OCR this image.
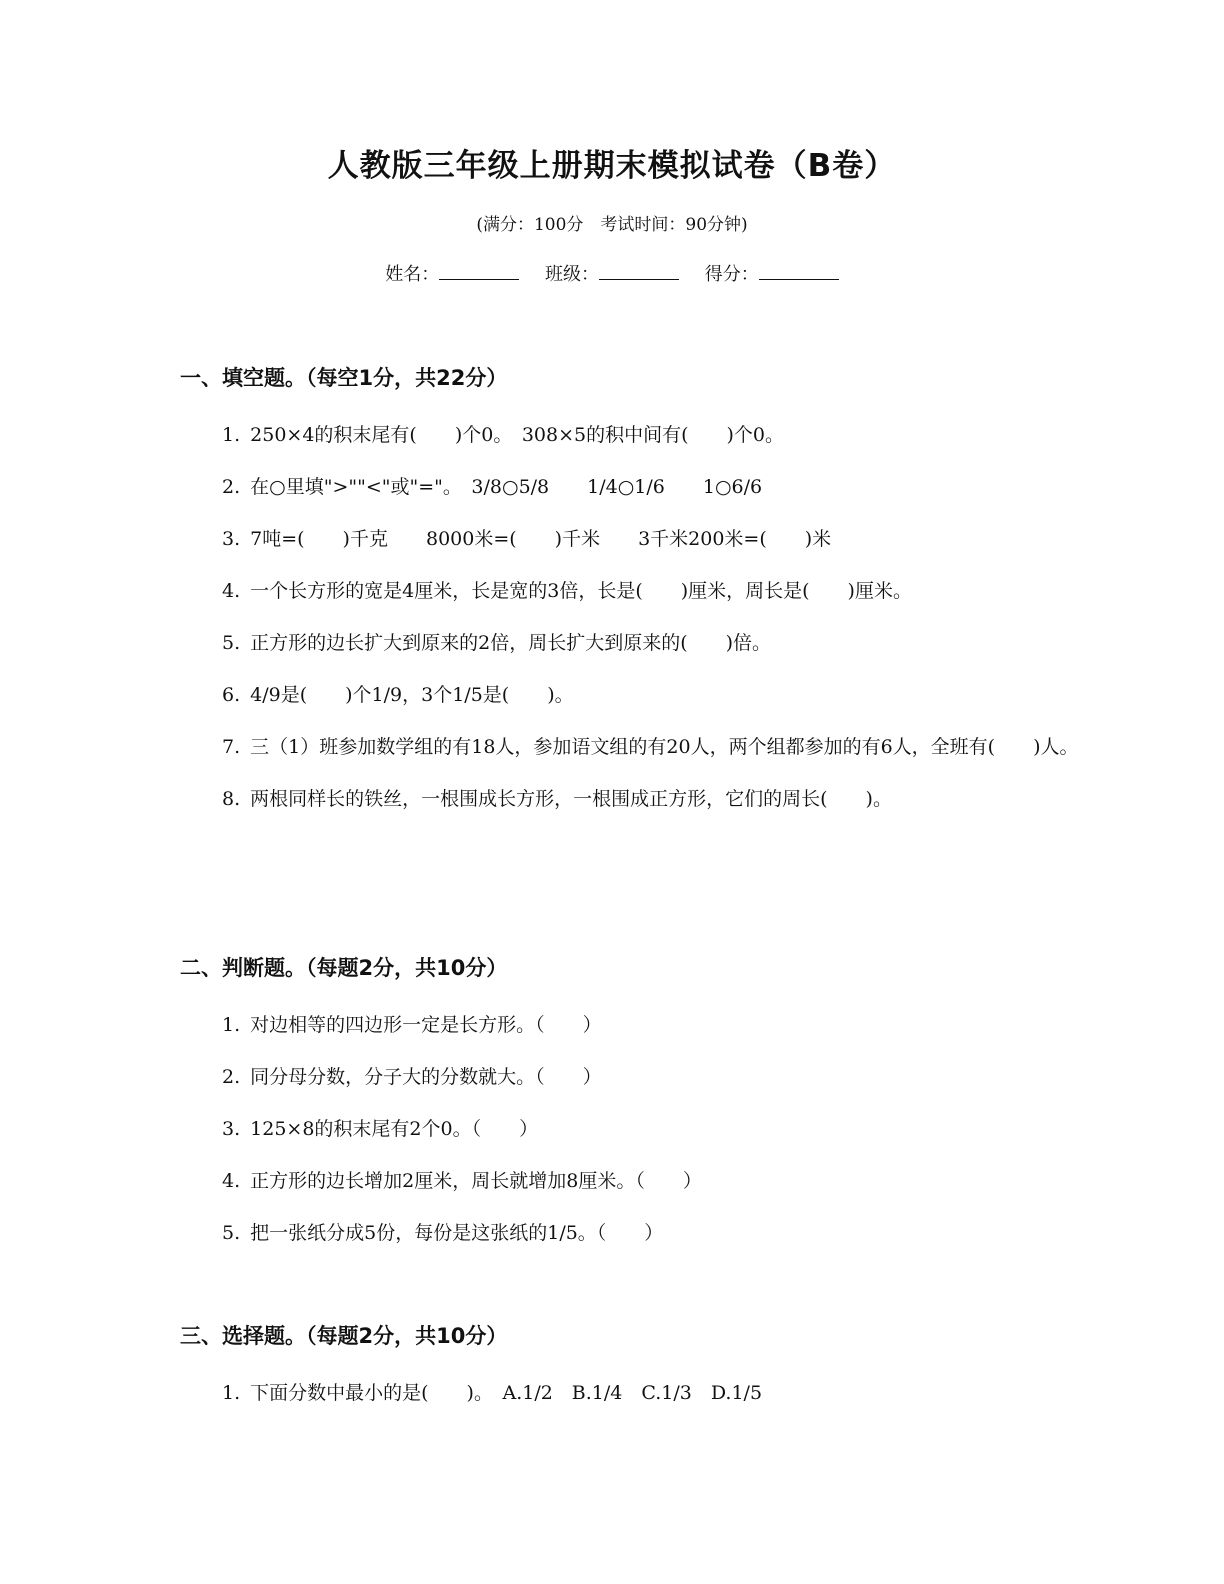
人教版三年级上册期末模拟试卷（B卷）
(满分：100分　考试时间：90分钟)
姓名：	班级：	得分：
一、填空题。（每空1分，共22分）
1. 250×4的积末尾有(　　)个0。　308×5的积中间有(　　)个0。
2. 在○里填">""<"或"="。　3/8○5/8　　1/4○1/6　　1○6/6
3. 7吨=(　　)千克　　8000米=(　　)千米　　3千米200米=(　　)米
4. 一个长方形的宽是4厘米，长是宽的3倍，长是(　　)厘米，周长是(　　)厘米。
5. 正方形的边长扩大到原来的2倍，周长扩大到原来的(　　)倍。
6. 4/9是(　　)个1/9，3个1/5是(　　)。
7. 三（1）班参加数学组的有18人，参加语文组的有20人，两个组都参加的有6人，全班有(　　)人。
8. 两根同样长的铁丝，一根围成长方形，一根围成正方形，它们的周长(　　)。
二、判断题。（每题2分，共10分）
1. 对边相等的四边形一定是长方形。（　　）
2. 同分母分数，分子大的分数就大。（　　）
3. 125×8的积末尾有2个0。（　　）
4. 正方形的边长增加2厘米，周长就增加8厘米。（　　）
5. 把一张纸分成5份，每份是这张纸的1/5。（　　）
三、选择题。（每题2分，共10分）
1. 下面分数中最小的是(　　)。　A.1/2　B.1/4　C.1/3　D.1/5
